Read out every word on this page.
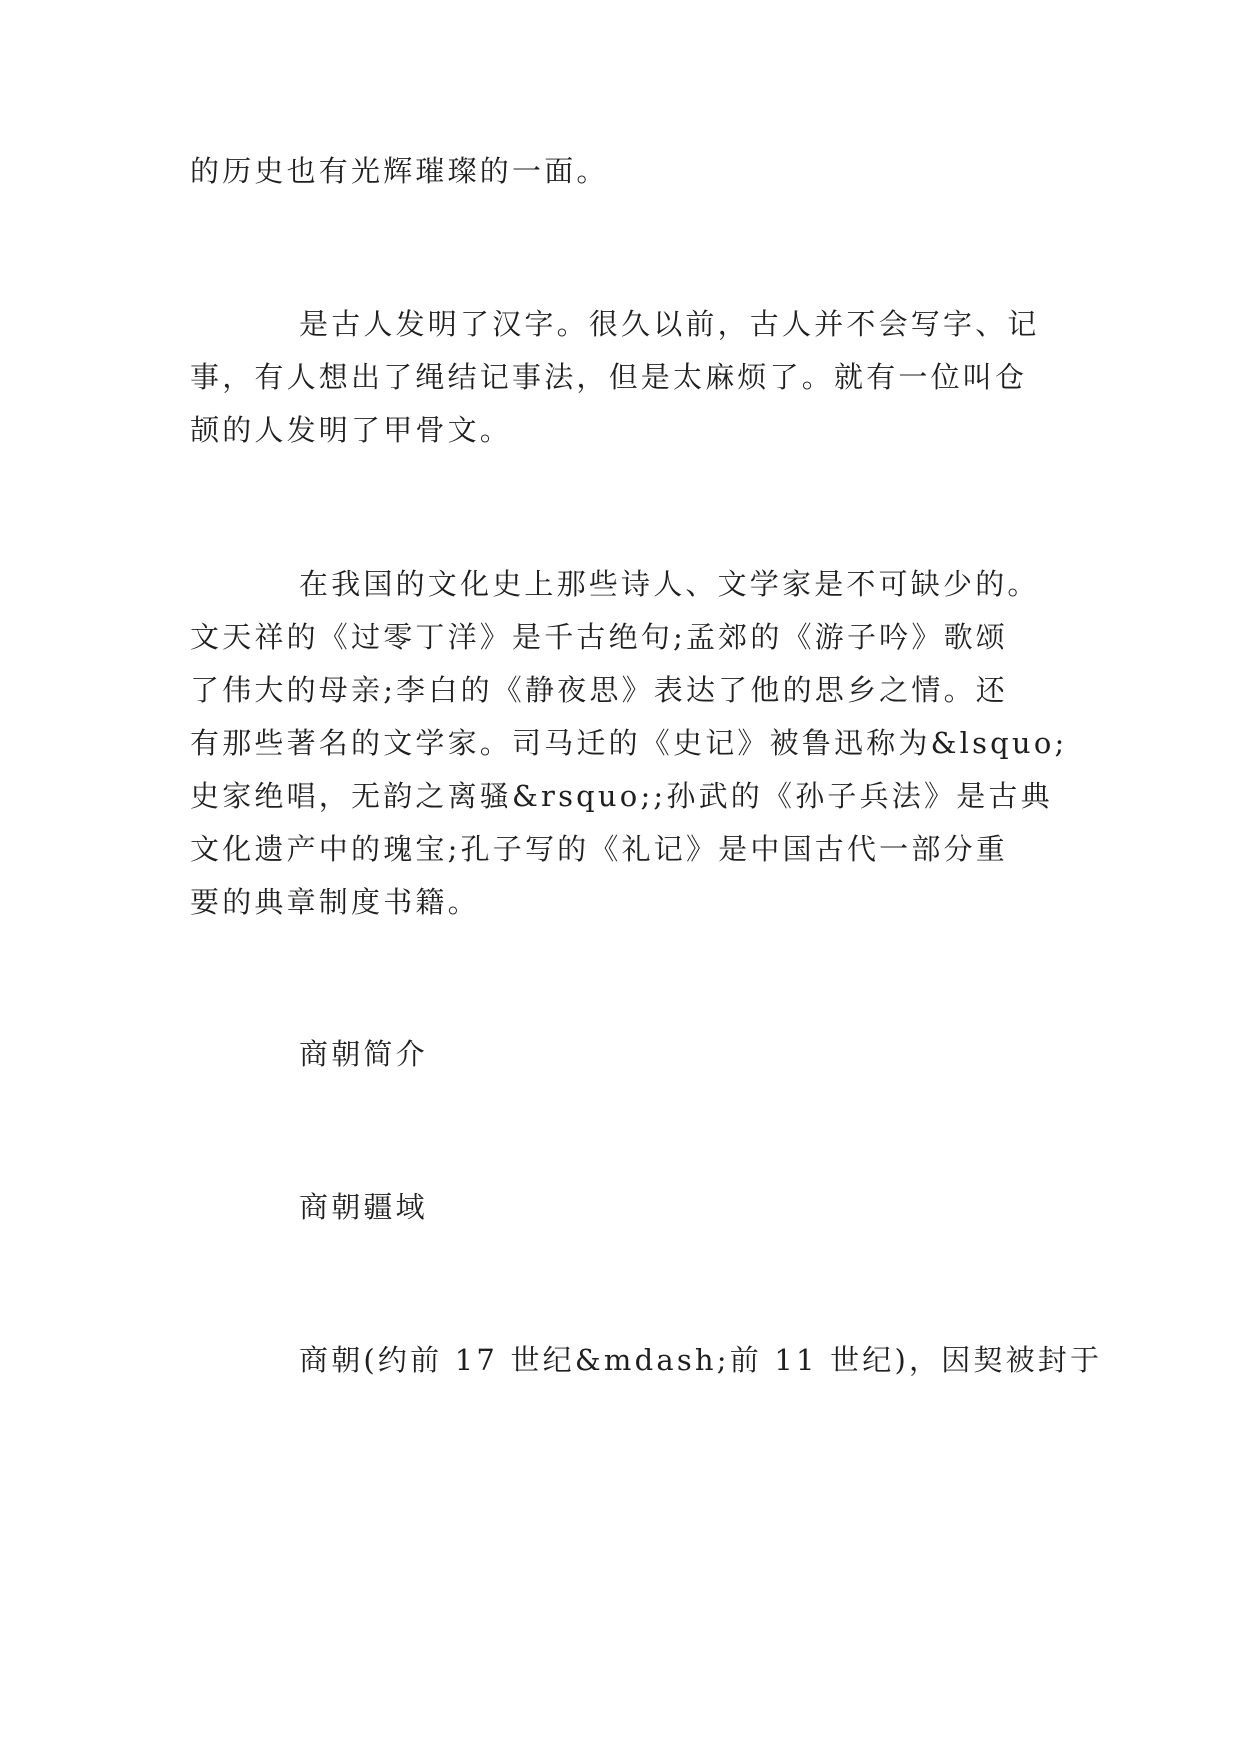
的历史也有光辉璀璨的一面。

是古人发明了汉字。很久以前，古人并不会写字、记

事，有人想出了绳结记事法，但是太麻烦了。就有一位叫仓

颉的人发明了甲骨文。

在我国的文化史上那些诗人、文学家是不可缺少的。

文天祥的《过零丁洋》是千古绝句;孟郊的《游子吟》歌颂

了伟大的母亲;李白的《静夜思》表达了他的思乡之情。还

有那些著名的文学家。司马迁的《史记》被鲁迅称为&lsquo;

史家绝唱，无韵之离骚&rsquo;;孙武的《孙子兵法》是古典

文化遗产中的瑰宝;孔子写的《礼记》是中国古代一部分重

要的典章制度书籍。

商朝简介

商朝疆域

商朝(约前 17 世纪&mdash;前 11 世纪)，因契被封于
